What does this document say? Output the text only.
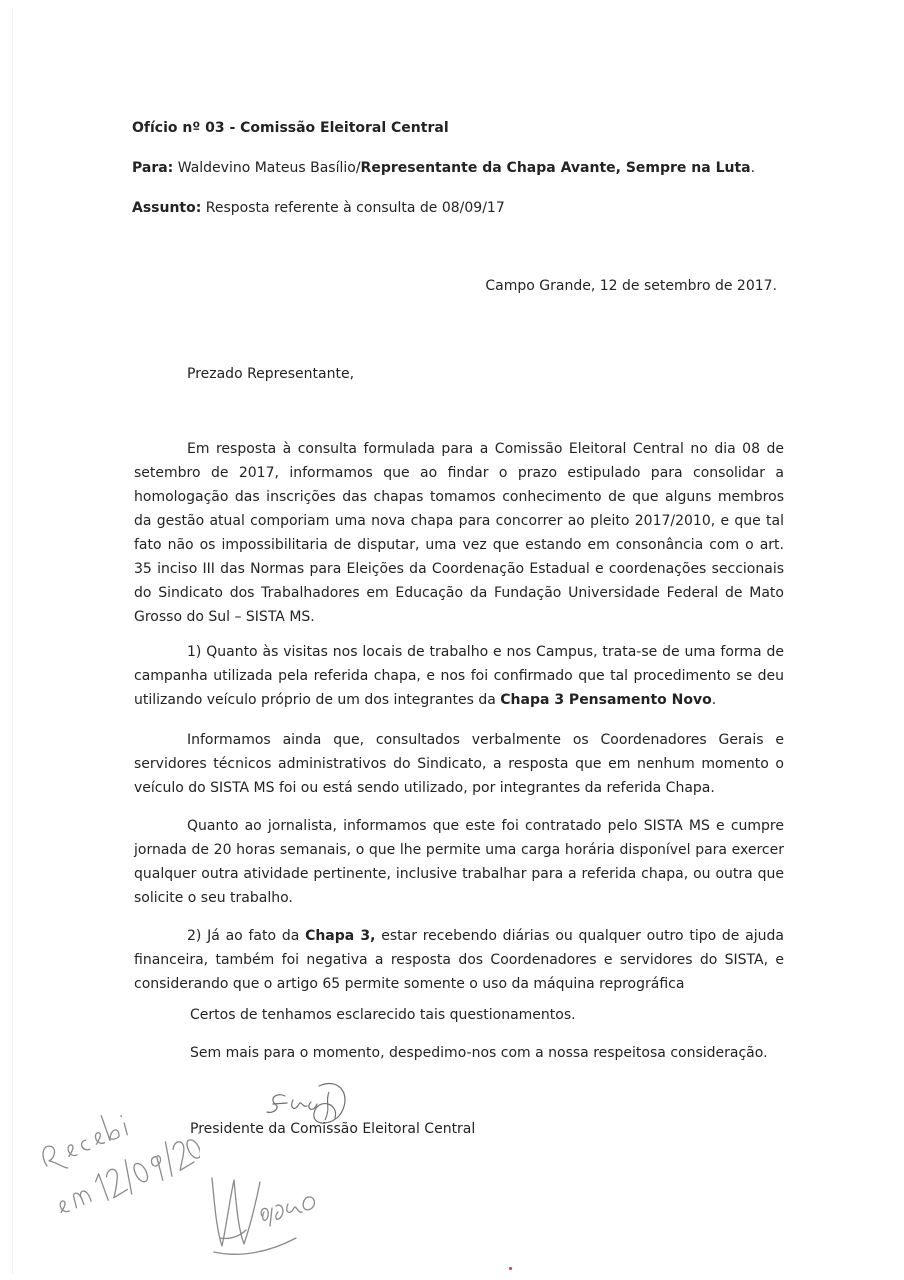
Ofício nº 03 - Comissão Eleitoral Central
Para: Waldevino Mateus Basílio/Representante da Chapa Avante, Sempre na Luta.
Assunto: Resposta referente à consulta de 08/09/17
Campo Grande, 12 de setembro de 2017.
Prezado Representante,

Em resposta à consulta formulada para a Comissão Eleitoral Central no dia 08 de setembro de 2017, informamos que ao findar o prazo estipulado para consolidar a homologação das inscrições das chapas tomamos conhecimento de que alguns membros da gestão atual comporiam uma nova chapa para concorrer ao pleito 2017/2010, e que tal fato não os impossibilitaria de disputar, uma vez que estando em consonância com o art. 35 inciso III das Normas para Eleições da Coordenação Estadual e coordenações seccionais do Sindicato dos Trabalhadores em Educação da Fundação Universidade Federal de Mato Grosso do Sul – SISTA MS.

1) Quanto às visitas nos locais de trabalho e nos Campus, trata-se de uma forma de campanha utilizada pela referida chapa, e nos foi confirmado que tal procedimento se deu utilizando veículo próprio de um dos integrantes da Chapa 3 Pensamento Novo.

Informamos ainda que, consultados verbalmente os Coordenadores Gerais e servidores técnicos administrativos do Sindicato, a resposta que em nenhum momento o veículo do SISTA MS foi ou está sendo utilizado, por integrantes da referida Chapa.

Quanto ao jornalista, informamos que este foi contratado pelo SISTA MS e cumpre jornada de 20 horas semanais, o que lhe permite uma carga horária disponível para exercer qualquer outra atividade pertinente, inclusive trabalhar para a referida chapa, ou outra que solicite o seu trabalho.

2) Já ao fato da Chapa 3, estar recebendo diárias ou qualquer outro tipo de ajuda financeira, também foi negativa a resposta dos Coordenadores e servidores do SISTA, e considerando que o artigo 65 permite somente o uso da máquina reprográfica

Certos de tenhamos esclarecido tais questionamentos.
Sem mais para o momento, despedimo-nos com a nossa respeitosa consideração.
Presidente da Comissão Eleitoral Central
